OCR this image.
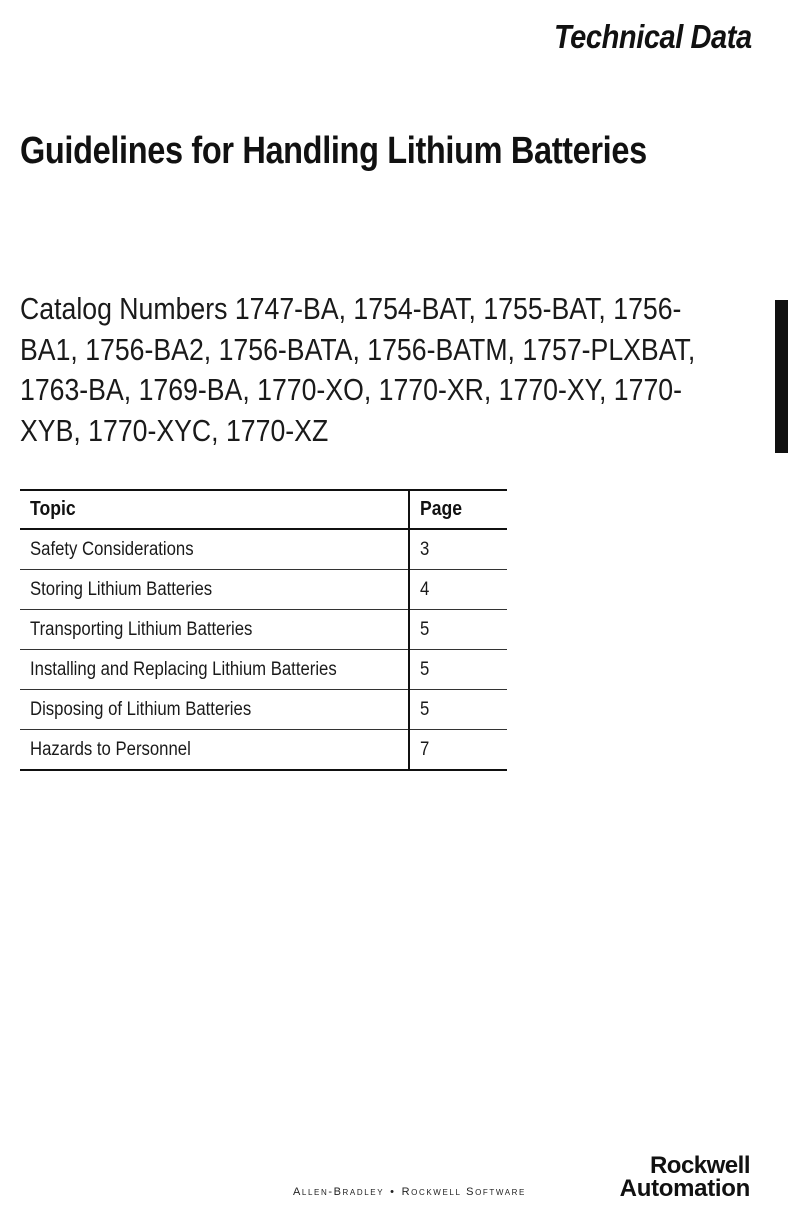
Technical Data
Guidelines for Handling Lithium Batteries

Catalog Numbers 1747-BA, 1754-BAT, 1755-BAT, 1756-BA1, 1756-BA2, 1756-BATA, 1756-BATM, 1757-PLXBAT, 1763-BA, 1769-BA, 1770-XO, 1770-XR, 1770-XY, 1770-XYB, 1770-XYC, 1770-XZ

Topic	Page
Safety Considerations	3
Storing Lithium Batteries	4
Transporting Lithium Batteries	5
Installing and Replacing Lithium Batteries	5
Disposing of Lithium Batteries	5
Hazards to Personnel	7
Allen-Bradley • Rockwell Software
Rockwell
Automation
